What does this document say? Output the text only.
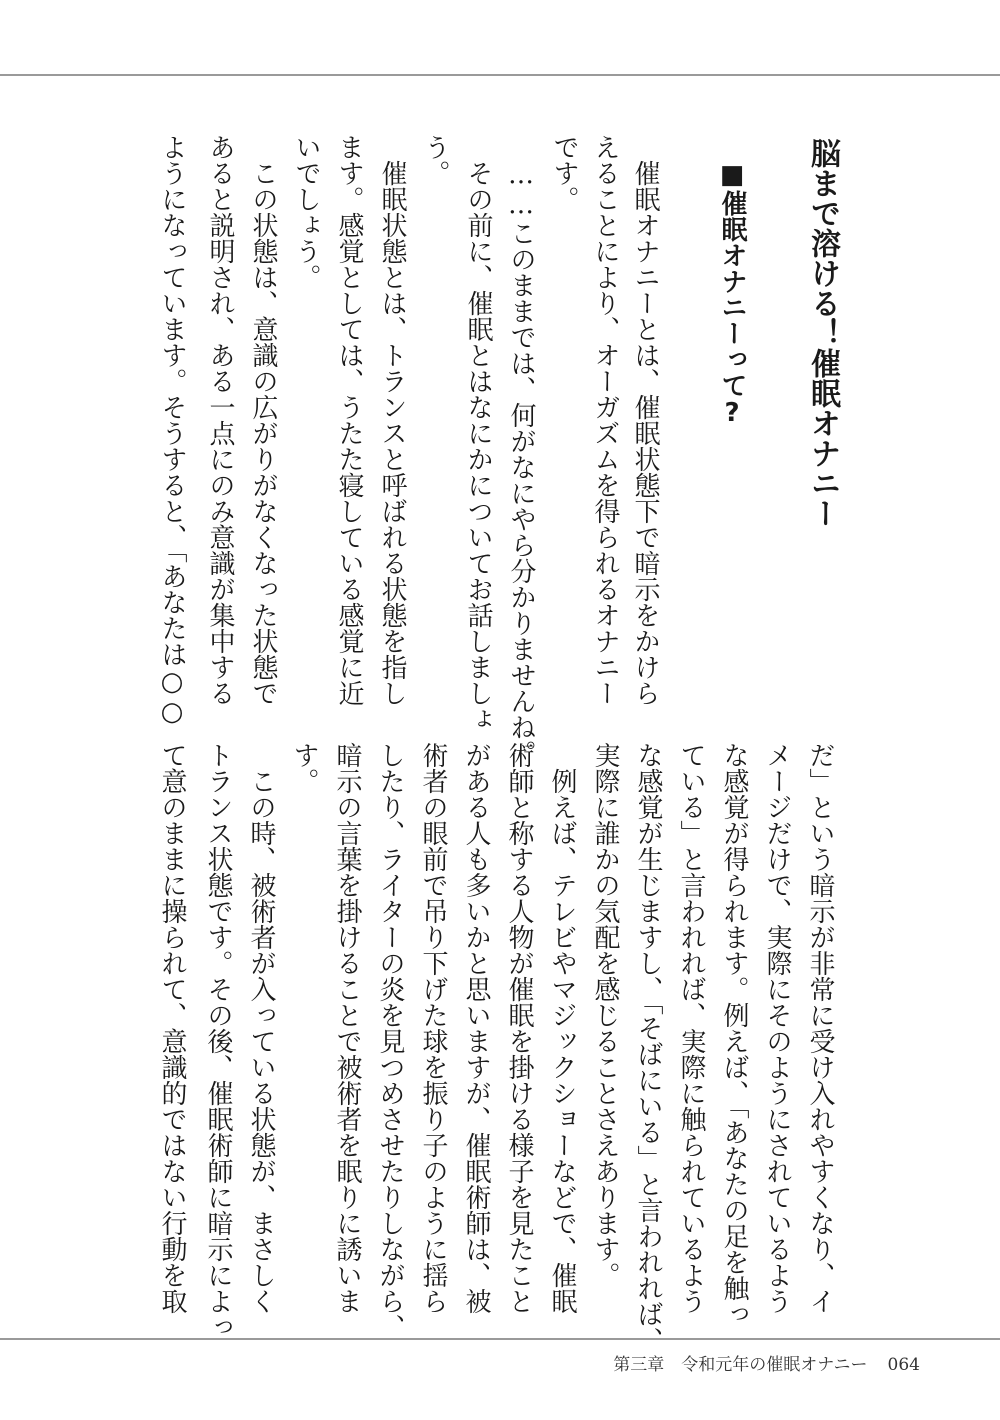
脳まで溶ける！催眠オナニー
■催眠オナニーって?
催眠オナニーとは、催眠状態下で暗示をかけら
えることにより、オーガズムを得られるオナニー
です。
……このままでは、何がなにやら分かりませんね。
その前に、催眠とはなにかについてお話しましょ
う。
催眠状態とは、トランスと呼ばれる状態を指し
ます。感覚としては、うたた寝している感覚に近
いでしょう。
この状態は、意識の広がりがなくなった状態で
あると説明され、ある一点にのみ意識が集中する
ようになっています。そうすると、「あなたは○○
だ」という暗示が非常に受け入れやすくなり、イ
メージだけで、実際にそのようにされているよう
な感覚が得られます。例えば、「あなたの足を触っ
ている」と言われれば、実際に触られているよう
な感覚が生じますし、「そばにいる」と言われれば、
実際に誰かの気配を感じることさえあります。
例えば、テレビやマジックショーなどで、催眠
術師と称する人物が催眠を掛ける様子を見たこと
がある人も多いかと思いますが、催眠術師は、被
術者の眼前で吊り下げた球を振り子のように揺ら
したり、ライターの炎を見つめさせたりしながら、
暗示の言葉を掛けることで被術者を眠りに誘いま
す。
この時、被術者が入っている状態が、まさしく
トランス状態です。その後、催眠術師に暗示によっ
て意のままに操られて、意識的ではない行動を取
第三章　令和元年の催眠オナニー 064
